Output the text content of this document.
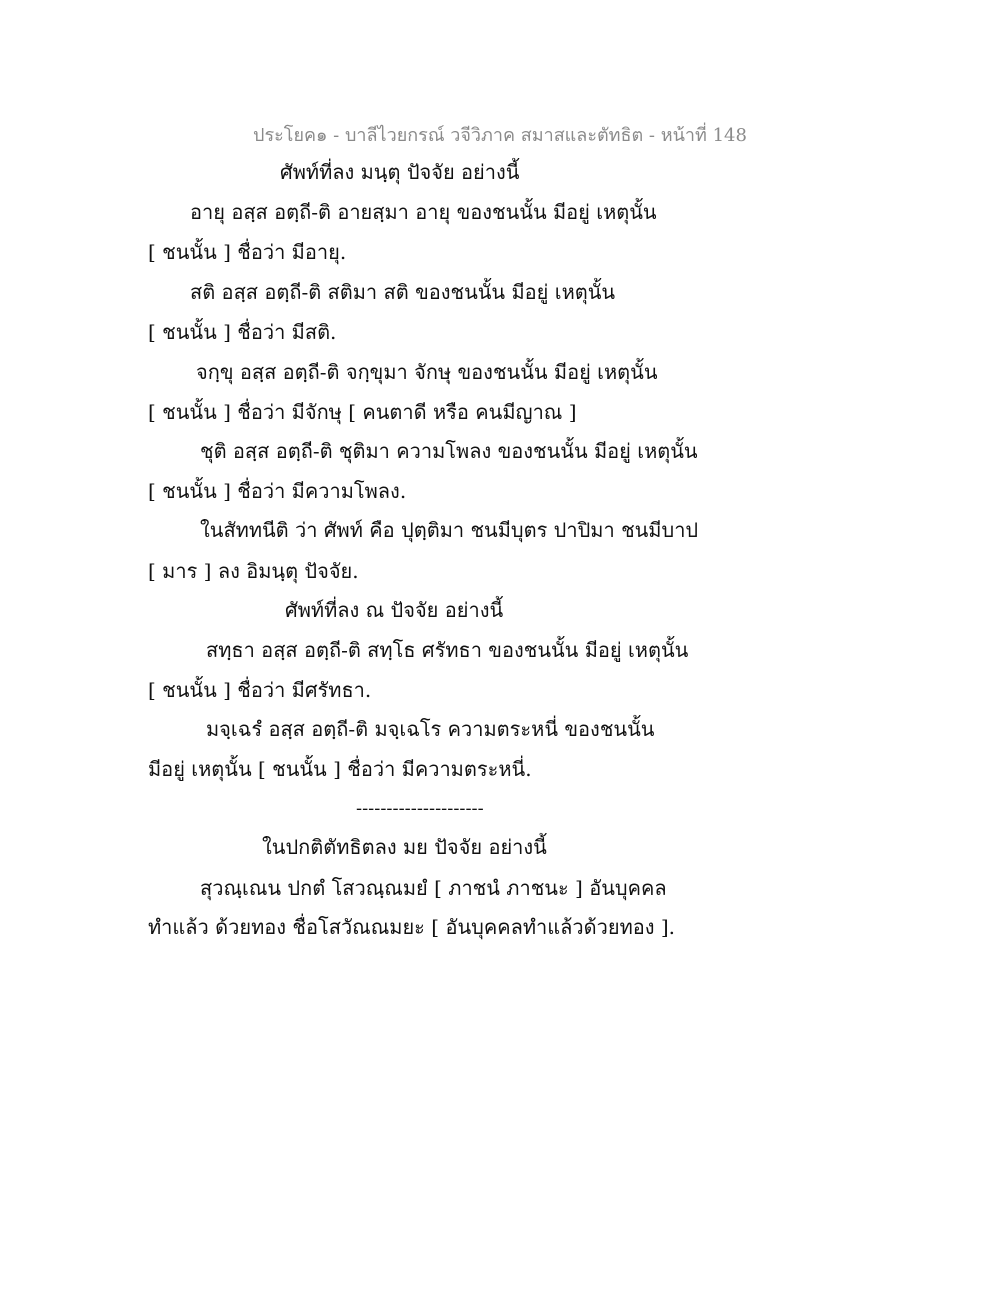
ประโยค๑ - บาลีไวยกรณ์ วจีวิภาค สมาสและตัทธิต - หน้าที่ 148
ศัพท์ที่ลง มนฺตุ ปัจจัย อย่างนี้
อายุ อสฺส อตฺถี-ติ อายสฺมา อายุ ของชนนั้น มีอยู่ เหตุนั้น
[ ชนนั้น ] ชื่อว่า มีอายุ.
สติ อสฺส อตฺถี-ติ สติมา สติ ของชนนั้น มีอยู่ เหตุนั้น
[ ชนนั้น ] ชื่อว่า มีสติ.
จกฺขุ อสฺส อตฺถี-ติ จกฺขุมา จักษุ ของชนนั้น มีอยู่ เหตุนั้น
[ ชนนั้น ] ชื่อว่า มีจักษุ [ คนตาดี หรือ คนมีญาณ ]
ชุติ อสฺส อตฺถี-ติ ชุติมา ความโพลง ของชนนั้น มีอยู่ เหตุนั้น
[ ชนนั้น ] ชื่อว่า มีความโพลง.
ในสัททนีติ ว่า ศัพท์ คือ ปุตฺติมา ชนมีบุตร ปาปิมา ชนมีบาป
[ มาร ] ลง อิมนฺตุ ปัจจัย.
ศัพท์ที่ลง ณ ปัจจัย อย่างนี้
สทฺธา อสฺส อตฺถี-ติ สทฺโธ ศรัทธา ของชนนั้น มีอยู่ เหตุนั้น
[ ชนนั้น ] ชื่อว่า มีศรัทธา.
มจฺเฉรํ อสฺส อตฺถี-ติ มจฺเฉโร ความตระหนี่ ของชนนั้น
มีอยู่ เหตุนั้น [ ชนนั้น ] ชื่อว่า มีความตระหนี่.
---------------------
ในปกติตัทธิตลง มย ปัจจัย อย่างนี้
สุวณฺเณน ปกตํ โสวณฺณมยํ [ ภาชนํ ภาชนะ ] อันบุคคล
ทำแล้ว ด้วยทอง ชื่อโสวัณณมยะ [ อันบุคคลทำแล้วด้วยทอง ].
